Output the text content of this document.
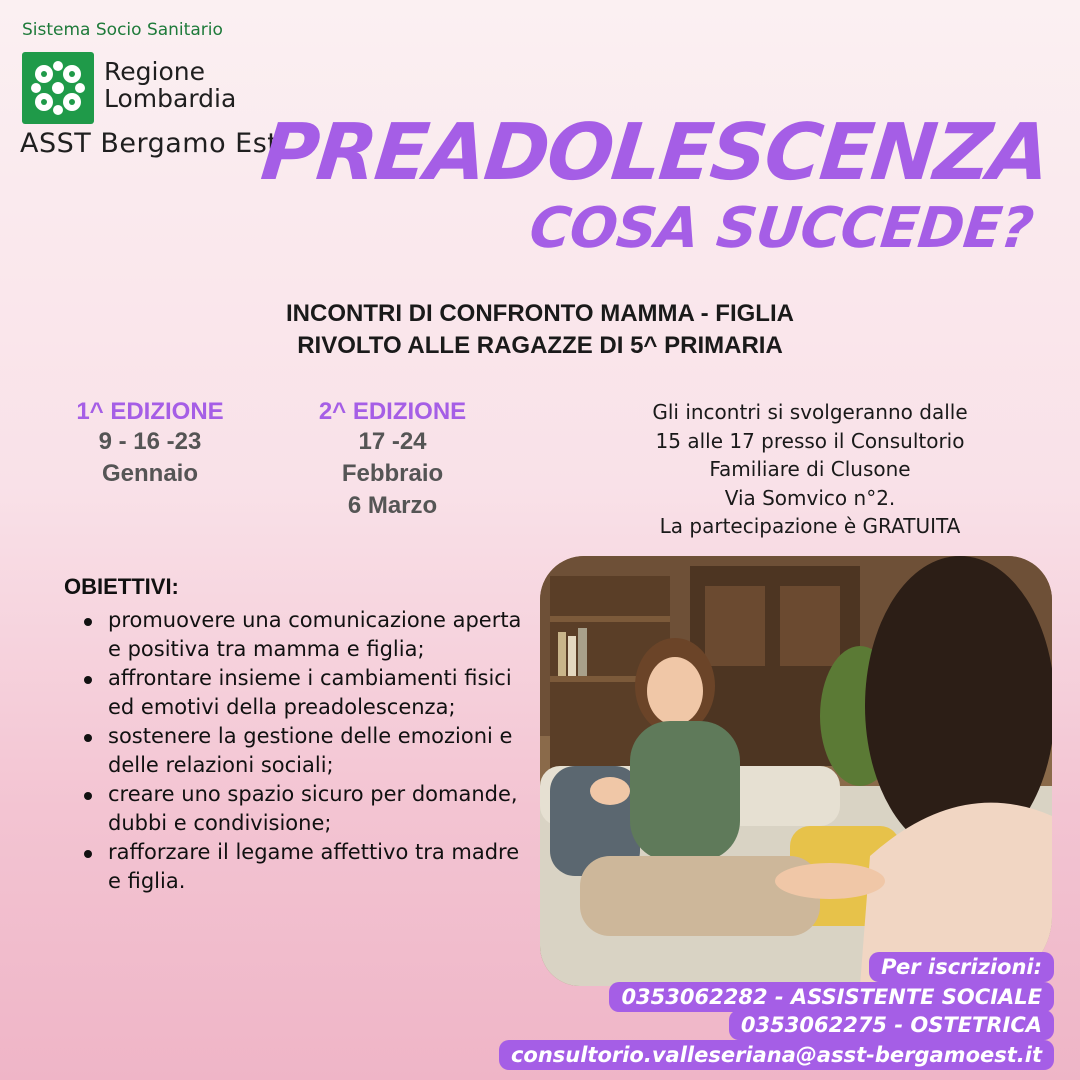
Sistema Socio Sanitario
Regione
Lombardia
ASST Bergamo Est
PREADOLESCENZA
COSA SUCCEDE?
INCONTRI DI CONFRONTO MAMMA - FIGLIA
RIVOLTO ALLE RAGAZZE DI 5^ PRIMARIA
1^ EDIZIONE
9 - 16 -23
Gennaio
2^ EDIZIONE
17 -24
Febbraio
6 Marzo
Gli incontri si svolgeranno dalle
15 alle 17 presso il Consultorio
Familiare di Clusone
Via Somvico n°2.
La partecipazione è GRATUITA
OBIETTIVI:
promuovere una comunicazione aperta e positiva tra mamma e figlia;
affrontare insieme i cambiamenti fisici ed emotivi della preadolescenza;
sostenere la gestione delle emozioni e delle relazioni sociali;
creare uno spazio sicuro per domande, dubbi e condivisione;
rafforzare il legame affettivo tra madre e figlia.
Per iscrizioni:
0353062282 - ASSISTENTE SOCIALE
0353062275 - OSTETRICA
consultorio.valleseriana@asst-bergamoest.it
